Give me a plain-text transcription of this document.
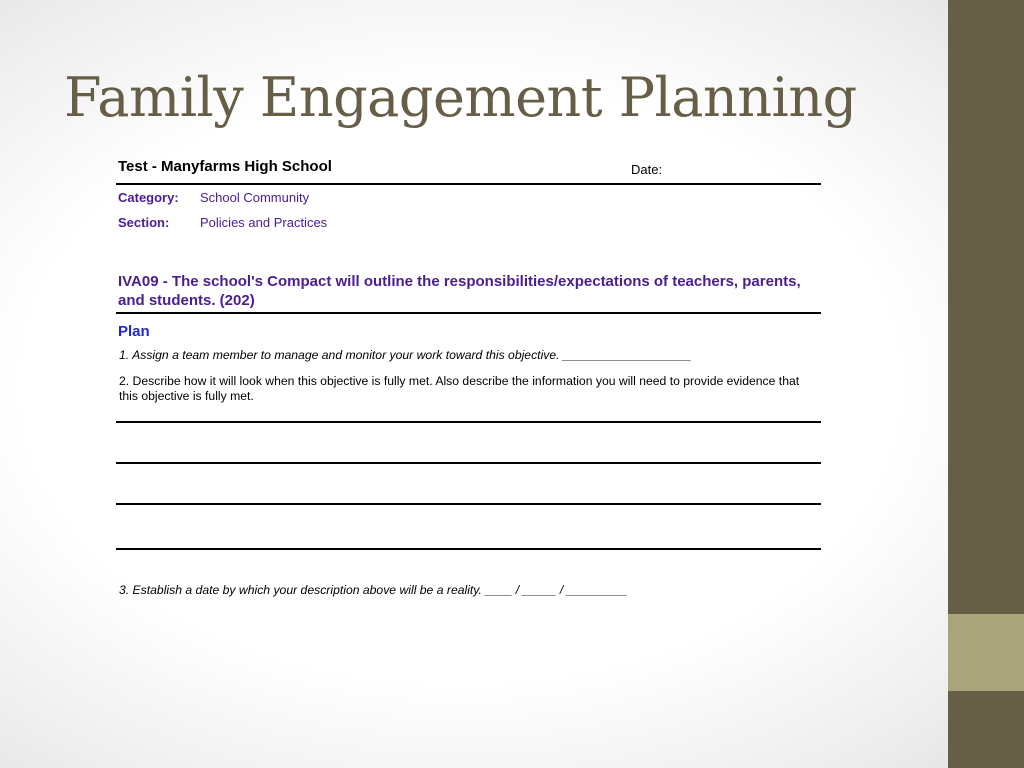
Family Engagement Planning
Test - Manyfarms High School	Date:
Category: School Community
Section: Policies and Practices
IVA09 - The school's Compact will outline the responsibilities/expectations of teachers, parents, and students. (202)
Plan
1. Assign a team member to manage and monitor your work toward this objective. ___________________
2. Describe how it will look when this objective is fully met. Also describe the information you will need to provide evidence that this objective is fully met.
3. Establish a date by which your description above will be a reality. ____ / _____ / _________
